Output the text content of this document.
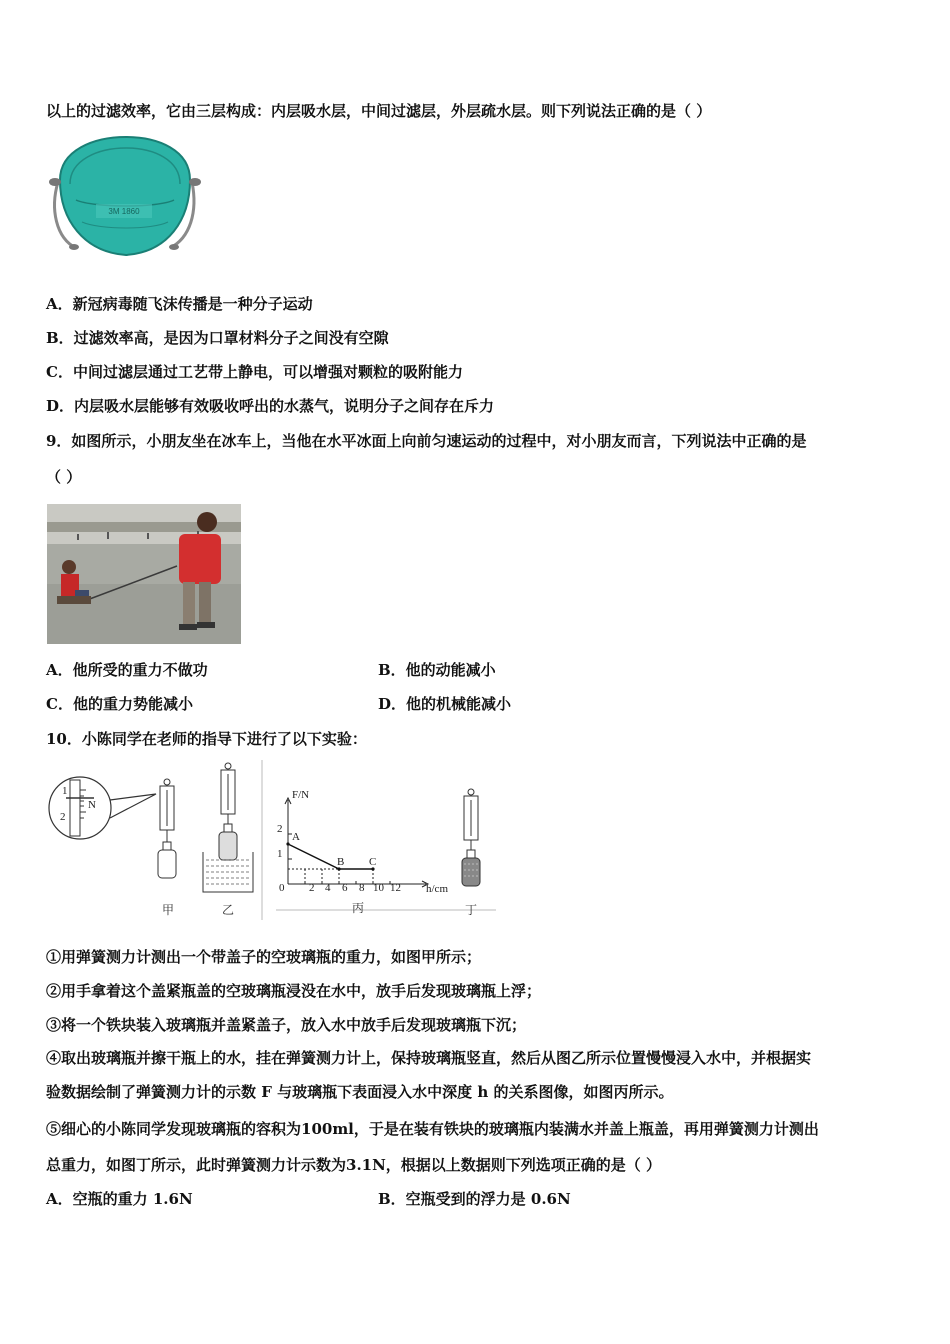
以上的过滤效率，它由三层构成：内层吸水层，中间过滤层，外层疏水层。则下列说法正确的是（ ）
3M 1860
A．新冠病毒随飞沫传播是一种分子运动
B．过滤效率高，是因为口罩材料分子之间没有空隙
C．中间过滤层通过工艺带上静电，可以增强对颗粒的吸附能力
D．内层吸水层能够有效吸收呼出的水蒸气，说明分子之间存在斥力
9．如图所示，小朋友坐在冰车上，当他在水平冰面上向前匀速运动的过程中，对小朋友而言，下列说法中正确的是
（ ）
A．他所受的重力不做功	B．他的动能减小
C．他的重力势能减小	D．他的机械能减小
10．小陈同学在老师的指导下进行了以下实验：
1
N
2
甲	乙
F/N
h/cm
2
1
0 2 4 6 8 10 12
A
B C
丙	丁
①用弹簧测力计测出一个带盖子的空玻璃瓶的重力，如图甲所示；
②用手拿着这个盖紧瓶盖的空玻璃瓶浸没在水中，放手后发现玻璃瓶上浮；
③将一个铁块装入玻璃瓶并盖紧盖子，放入水中放手后发现玻璃瓶下沉；
④取出玻璃瓶并擦干瓶上的水，挂在弹簧测力计上，保持玻璃瓶竖直，然后从图乙所示位置慢慢浸入水中，并根据实
验数据绘制了弹簧测力计的示数 F 与玻璃瓶下表面浸入水中深度 h 的关系图像，如图丙所示。
⑤细心的小陈同学发现玻璃瓶的容积为100ml，于是在装有铁块的玻璃瓶内装满水并盖上瓶盖，再用弹簧测力计测出
总重力，如图丁所示，此时弹簧测力计示数为3.1N，根据以上数据则下列选项正确的是（ ）
A．空瓶的重力 1.6N	B．空瓶受到的浮力是 0.6N
